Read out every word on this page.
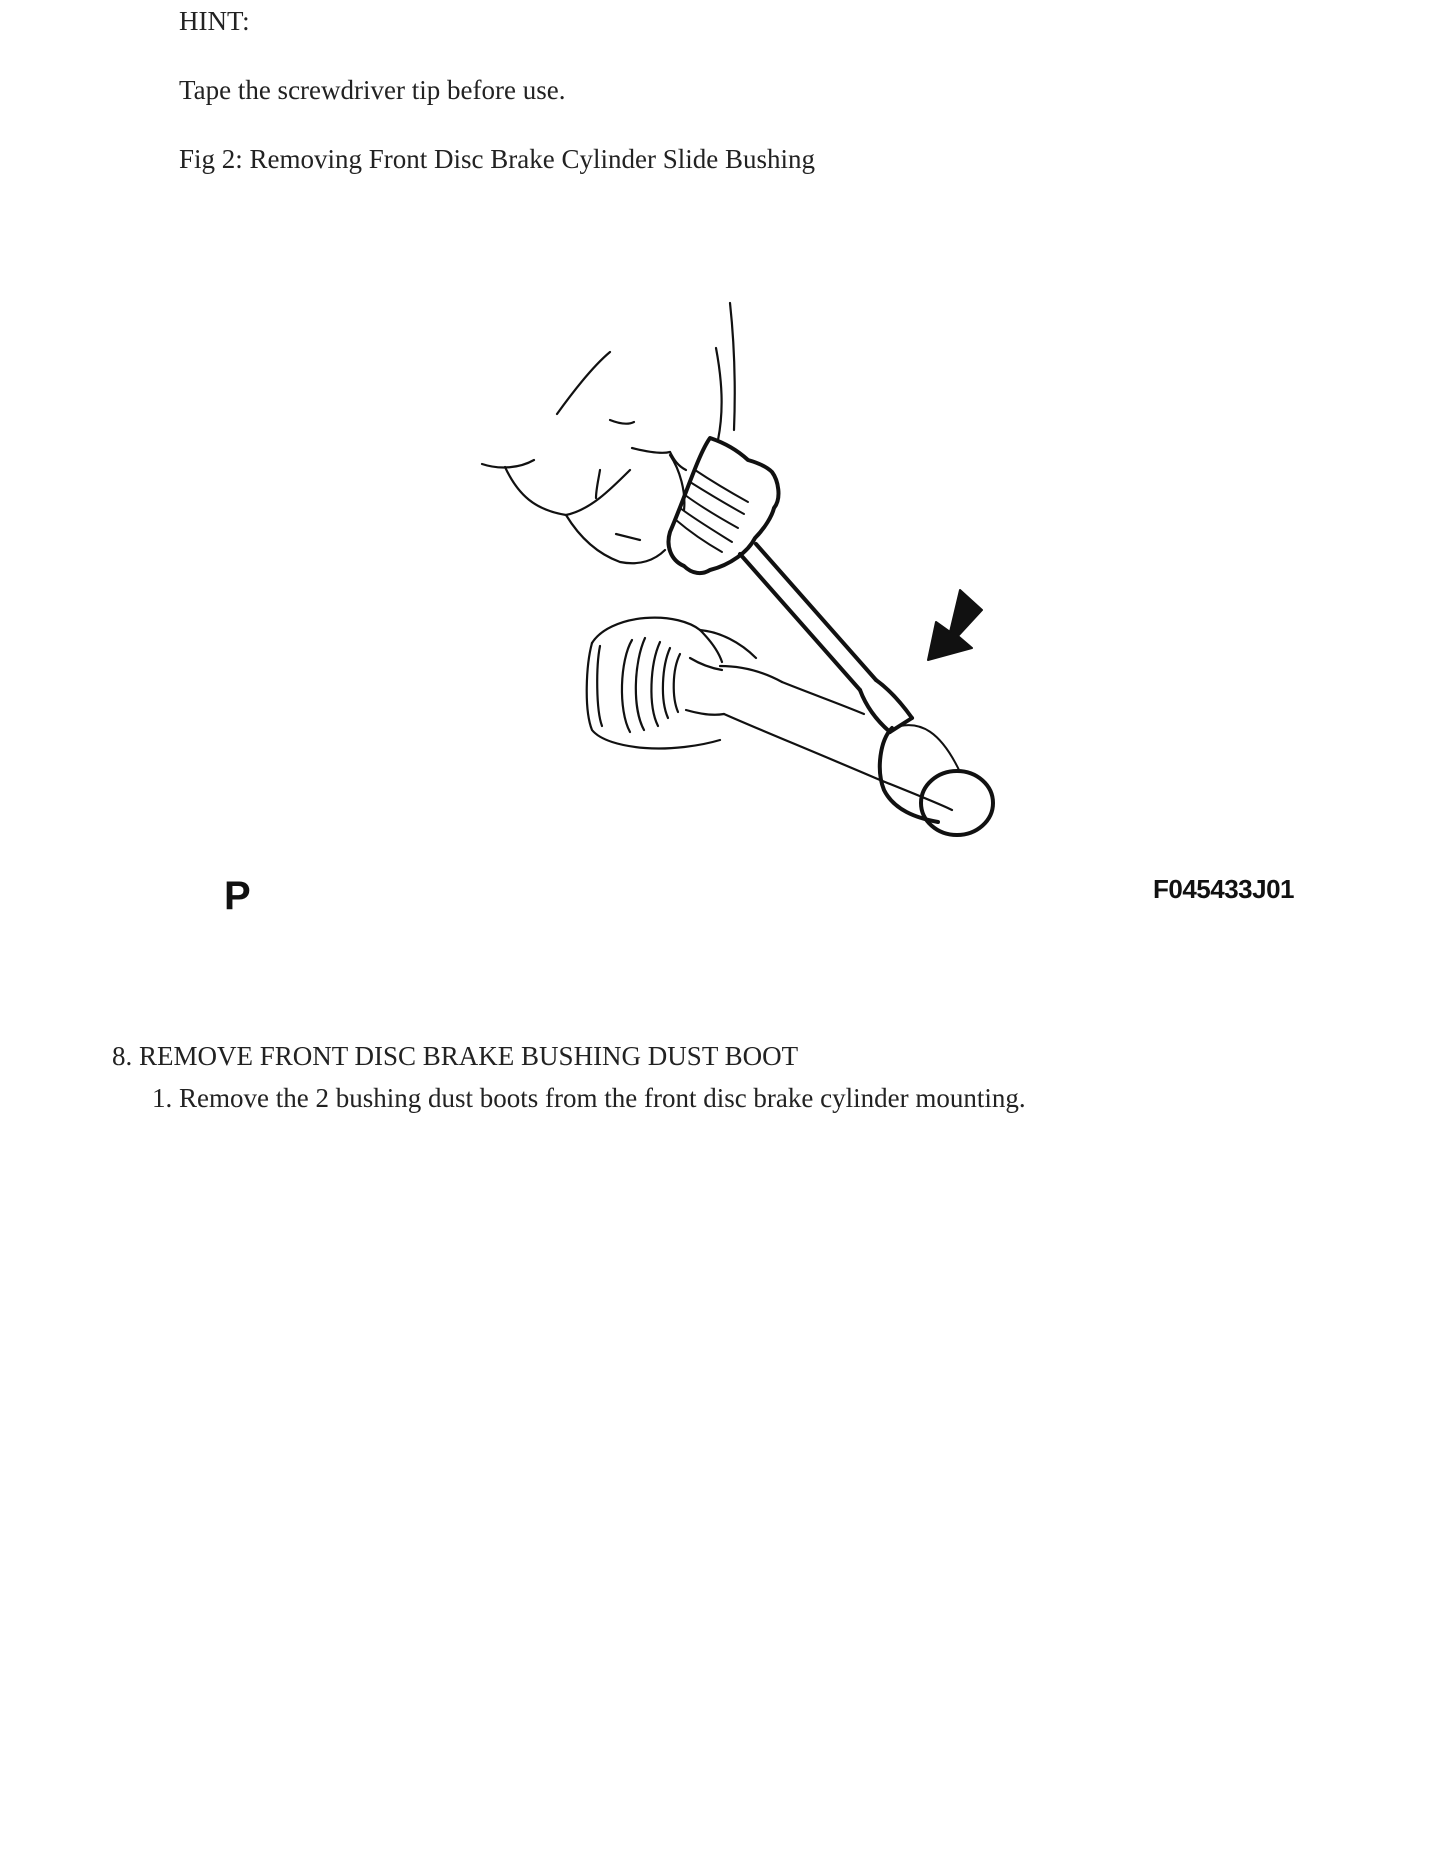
HINT:
Tape the screwdriver tip before use.
Fig 2: Removing Front Disc Brake Cylinder Slide Bushing
P	F045433J01
8. REMOVE FRONT DISC BRAKE BUSHING DUST BOOT
1. Remove the 2 bushing dust boots from the front disc brake cylinder mounting.
